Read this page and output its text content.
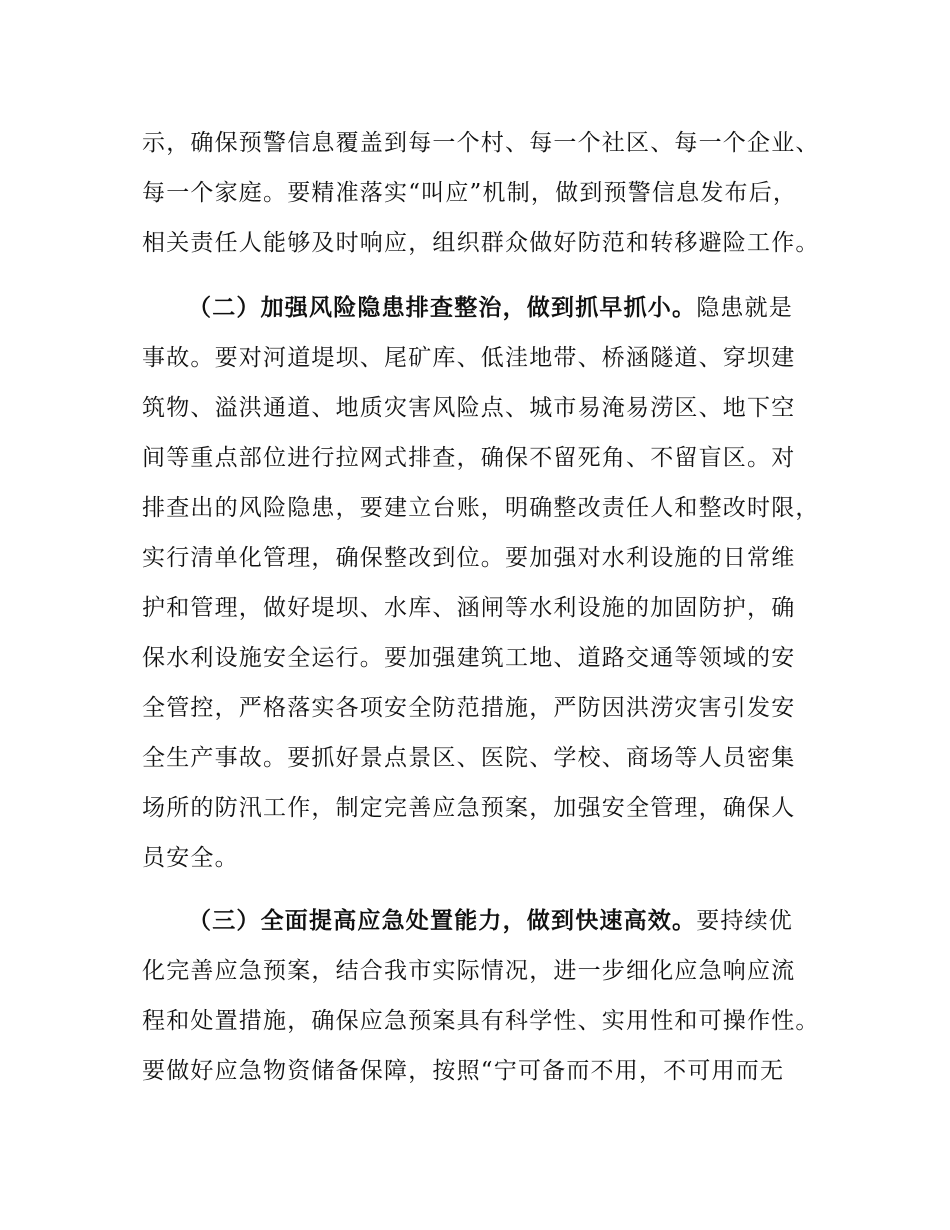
示，确保预警信息覆盖到每一个村、每一个社区、每一个企业、
每一个家庭。要精准落实“叫应”机制，做到预警信息发布后，
相关责任人能够及时响应，组织群众做好防范和转移避险工作。
（二）加强风险隐患排查整治，做到抓早抓小。隐患就是
事故。要对河道堤坝、尾矿库、低洼地带、桥涵隧道、穿坝建
筑物、溢洪通道、地质灾害风险点、城市易淹易涝区、地下空
间等重点部位进行拉网式排查，确保不留死角、不留盲区。对
排查出的风险隐患，要建立台账，明确整改责任人和整改时限，
实行清单化管理，确保整改到位。要加强对水利设施的日常维
护和管理，做好堤坝、水库、涵闸等水利设施的加固防护，确
保水利设施安全运行。要加强建筑工地、道路交通等领域的安
全管控，严格落实各项安全防范措施，严防因洪涝灾害引发安
全生产事故。要抓好景点景区、医院、学校、商场等人员密集
场所的防汛工作，制定完善应急预案，加强安全管理，确保人
员安全。
（三）全面提高应急处置能力，做到快速高效。要持续优
化完善应急预案，结合我市实际情况，进一步细化应急响应流
程和处置措施，确保应急预案具有科学性、实用性和可操作性。
要做好应急物资储备保障，按照“宁可备而不用，不可用而无
